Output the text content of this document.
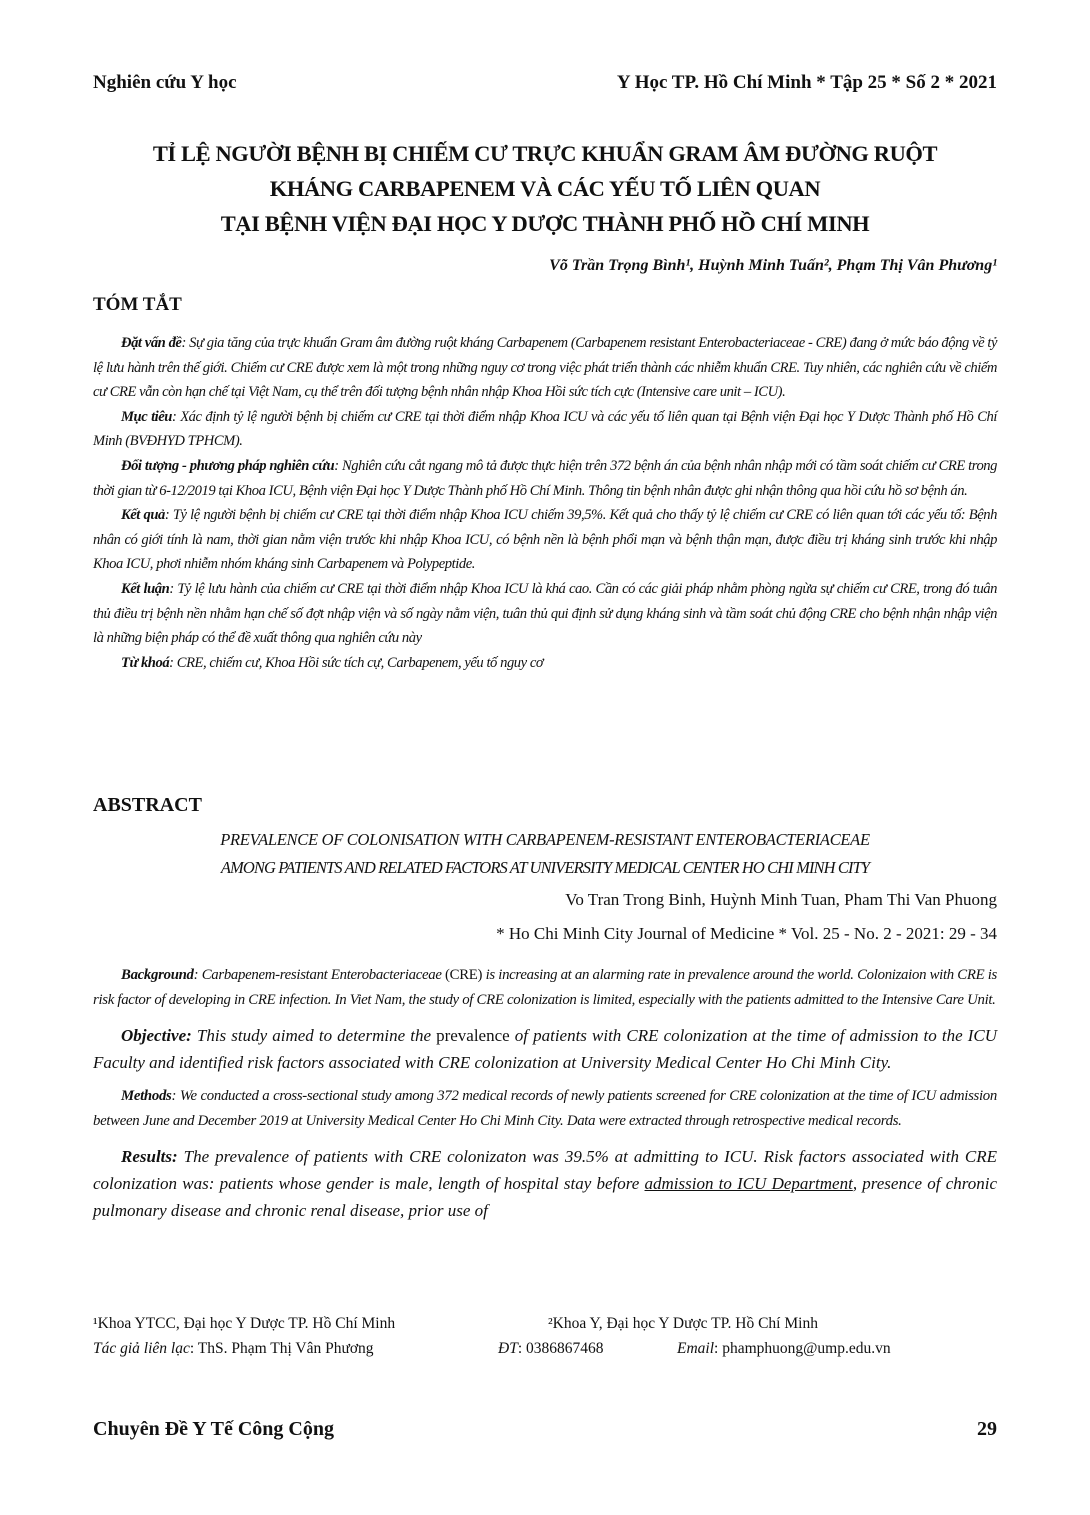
Nghiên cứu Y học	Y Học TP. Hồ Chí Minh * Tập 25 * Số 2 * 2021
TỈ LỆ NGƯỜI BỆNH BỊ CHIẾM CƯ TRỰC KHUẨN GRAM ÂM ĐƯỜNG RUỘT
KHÁNG CARBAPENEM VÀ CÁC YẾU TỐ LIÊN QUAN
TẠI BỆNH VIỆN ĐẠI HỌC Y DƯỢC THÀNH PHỐ HỒ CHÍ MINH
Võ Trần Trọng Bình¹, Huỳnh Minh Tuấn², Phạm Thị Vân Phương¹
TÓM TẮT

Đặt vấn đề: Sự gia tăng của trực khuẩn Gram âm đường ruột kháng Carbapenem (Carbapenem resistant Enterobacteriaceae - CRE) đang ở mức báo động về tỷ lệ lưu hành trên thế giới. Chiếm cư CRE được xem là một trong những nguy cơ trong việc phát triển thành các nhiễm khuẩn CRE. Tuy nhiên, các nghiên cứu về chiếm cư CRE vẫn còn hạn chế tại Việt Nam, cụ thể trên đối tượng bệnh nhân nhập Khoa Hồi sức tích cực (Intensive care unit – ICU).

Mục tiêu: Xác định tỷ lệ người bệnh bị chiếm cư CRE tại thời điểm nhập Khoa ICU và các yếu tố liên quan tại Bệnh viện Đại học Y Dược Thành phố Hồ Chí Minh (BVĐHYD TPHCM).

Đối tượng - phương pháp nghiên cứu: Nghiên cứu cắt ngang mô tả được thực hiện trên 372 bệnh án của bệnh nhân nhập mới có tầm soát chiếm cư CRE trong thời gian từ 6-12/2019 tại Khoa ICU, Bệnh viện Đại học Y Dược Thành phố Hồ Chí Minh. Thông tin bệnh nhân được ghi nhận thông qua hồi cứu hồ sơ bệnh án.

Kết quả: Tỷ lệ người bệnh bị chiếm cư CRE tại thời điểm nhập Khoa ICU chiếm 39,5%. Kết quả cho thấy tỷ lệ chiếm cư CRE có liên quan tới các yếu tố: Bệnh nhân có giới tính là nam, thời gian nằm viện trước khi nhập Khoa ICU, có bệnh nền là bệnh phổi mạn và bệnh thận mạn, được điều trị kháng sinh trước khi nhập Khoa ICU, phơi nhiễm nhóm kháng sinh Carbapenem và Polypeptide.

Kết luận: Tỷ lệ lưu hành của chiếm cư CRE tại thời điểm nhập Khoa ICU là khá cao. Cần có các giải pháp nhằm phòng ngừa sự chiếm cư CRE, trong đó tuân thủ điều trị bệnh nền nhằm hạn chế số đợt nhập viện và số ngày nằm viện, tuân thủ qui định sử dụng kháng sinh và tầm soát chủ động CRE cho bệnh nhận nhập viện là những biện pháp có thể đề xuất thông qua nghiên cứu này

Từ khoá: CRE, chiếm cư, Khoa Hồi sức tích cự, Carbapenem, yếu tố nguy cơ

ABSTRACT
PREVALENCE OF COLONISATION WITH CARBAPENEM-RESISTANT ENTEROBACTERIACEAE
AMONG PATIENTS AND RELATED FACTORS AT UNIVERSITY MEDICAL CENTER HO CHI MINH CITY
Vo Tran Trong Binh, Huỳnh Minh Tuan, Pham Thi Van Phuong
* Ho Chi Minh City Journal of Medicine * Vol. 25 - No. 2 - 2021: 29 - 34

Background: Carbapenem-resistant Enterobacteriaceae (CRE) is increasing at an alarming rate in prevalence around the world. Colonizaion with CRE is risk factor of developing in CRE infection. In Viet Nam, the study of CRE colonization is limited, especially with the patients admitted to the Intensive Care Unit.

Objective: This study aimed to determine the prevalence of patients with CRE colonization at the time of admission to the ICU Faculty and identified risk factors associated with CRE colonization at University Medical Center Ho Chi Minh City.

Methods: We conducted a cross-sectional study among 372 medical records of newly patients screened for CRE colonization at the time of ICU admission between June and December 2019 at University Medical Center Ho Chi Minh City. Data were extracted through retrospective medical records.

Results: The prevalence of patients with CRE colonizaton was 39.5% at admitting to ICU. Risk factors associated with CRE colonization was: patients whose gender is male, length of hospital stay before admission to ICU Department, presence of chronic pulmonary disease and chronic renal disease, prior use of

¹Khoa YTCC, Đại học Y Dược TP. Hồ Chí Minh	²Khoa Y, Đại học Y Dược TP. Hồ Chí Minh
Tác giả liên lạc: ThS. Phạm Thị Vân Phương	ĐT: 0386867468	Email: phamphuong@ump.edu.vn
Chuyên Đề Y Tế Công Cộng	29
